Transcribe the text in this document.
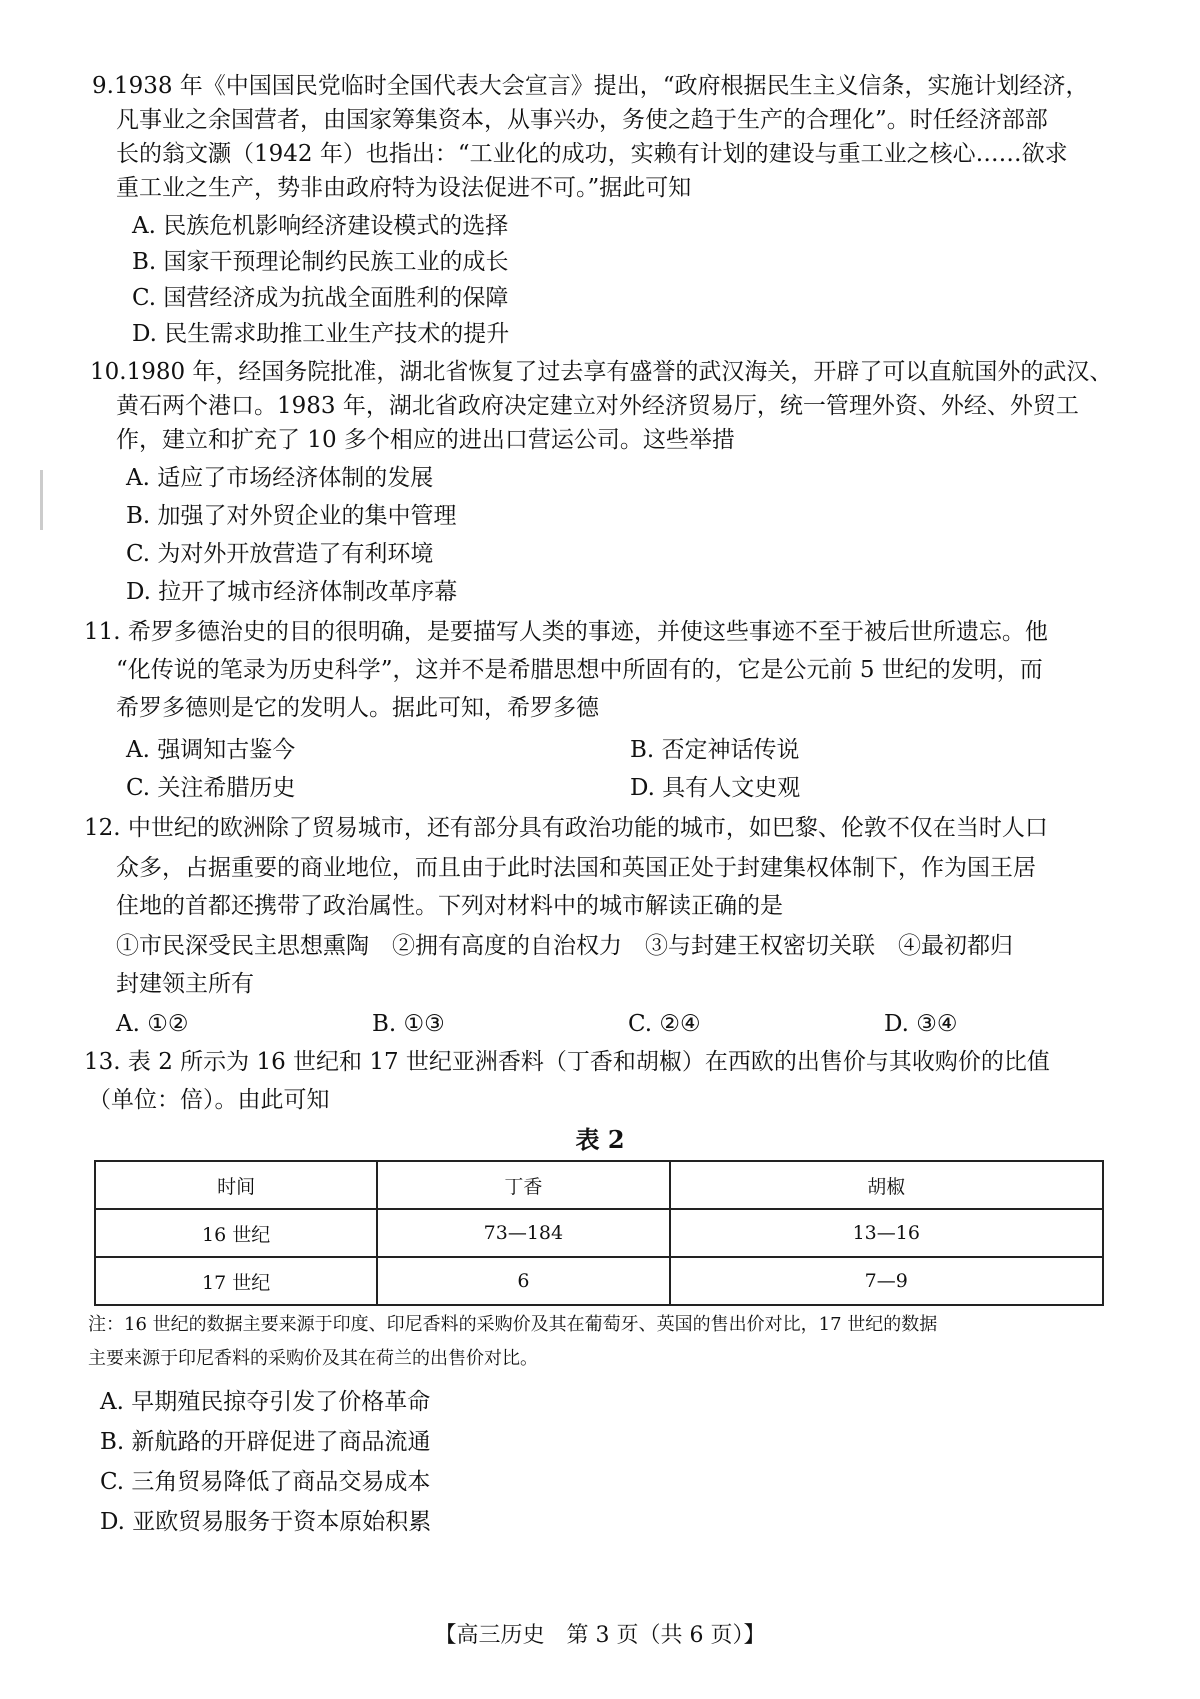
9.1938 年《中国国民党临时全国代表大会宣言》提出，“政府根据民生主义信条，实施计划经济，
凡事业之余国营者，由国家筹集资本，从事兴办，务使之趋于生产的合理化”。时任经济部部
长的翁文灏（1942 年）也指出：“工业化的成功，实赖有计划的建设与重工业之核心……欲求
重工业之生产，势非由政府特为设法促进不可。”据此可知
A. 民族危机影响经济建设模式的选择
B. 国家干预理论制约民族工业的成长
C. 国营经济成为抗战全面胜利的保障
D. 民生需求助推工业生产技术的提升
10.1980 年，经国务院批准，湖北省恢复了过去享有盛誉的武汉海关，开辟了可以直航国外的武汉、
黄石两个港口。1983 年，湖北省政府决定建立对外经济贸易厅，统一管理外资、外经、外贸工
作，建立和扩充了 10 多个相应的进出口营运公司。这些举措
A. 适应了市场经济体制的发展
B. 加强了对外贸企业的集中管理
C. 为对外开放营造了有利环境
D. 拉开了城市经济体制改革序幕
11. 希罗多德治史的目的很明确，是要描写人类的事迹，并使这些事迹不至于被后世所遗忘。他
“化传说的笔录为历史科学”，这并不是希腊思想中所固有的，它是公元前 5 世纪的发明，而
希罗多德则是它的发明人。据此可知，希罗多德
A. 强调知古鉴今	B. 否定神话传说
C. 关注希腊历史	D. 具有人文史观
12. 中世纪的欧洲除了贸易城市，还有部分具有政治功能的城市，如巴黎、伦敦不仅在当时人口
众多，占据重要的商业地位，而且由于此时法国和英国正处于封建集权体制下，作为国王居
住地的首都还携带了政治属性。下列对材料中的城市解读正确的是
①市民深受民主思想熏陶　②拥有高度的自治权力　③与封建王权密切关联　④最初都归
封建领主所有
A. ①②	B. ①③	C. ②④	D. ③④
13. 表 2 所示为 16 世纪和 17 世纪亚洲香料（丁香和胡椒）在西欧的出售价与其收购价的比值
（单位：倍）。由此可知
表 2
时间	丁香	胡椒
16 世纪	73—184	13—16
17 世纪	6	7—9
注：16 世纪的数据主要来源于印度、印尼香料的采购价及其在葡萄牙、英国的售出价对比，17 世纪的数据
主要来源于印尼香料的采购价及其在荷兰的出售价对比。
A. 早期殖民掠夺引发了价格革命
B. 新航路的开辟促进了商品流通
C. 三角贸易降低了商品交易成本
D. 亚欧贸易服务于资本原始积累
【高三历史　第 3 页（共 6 页）】
